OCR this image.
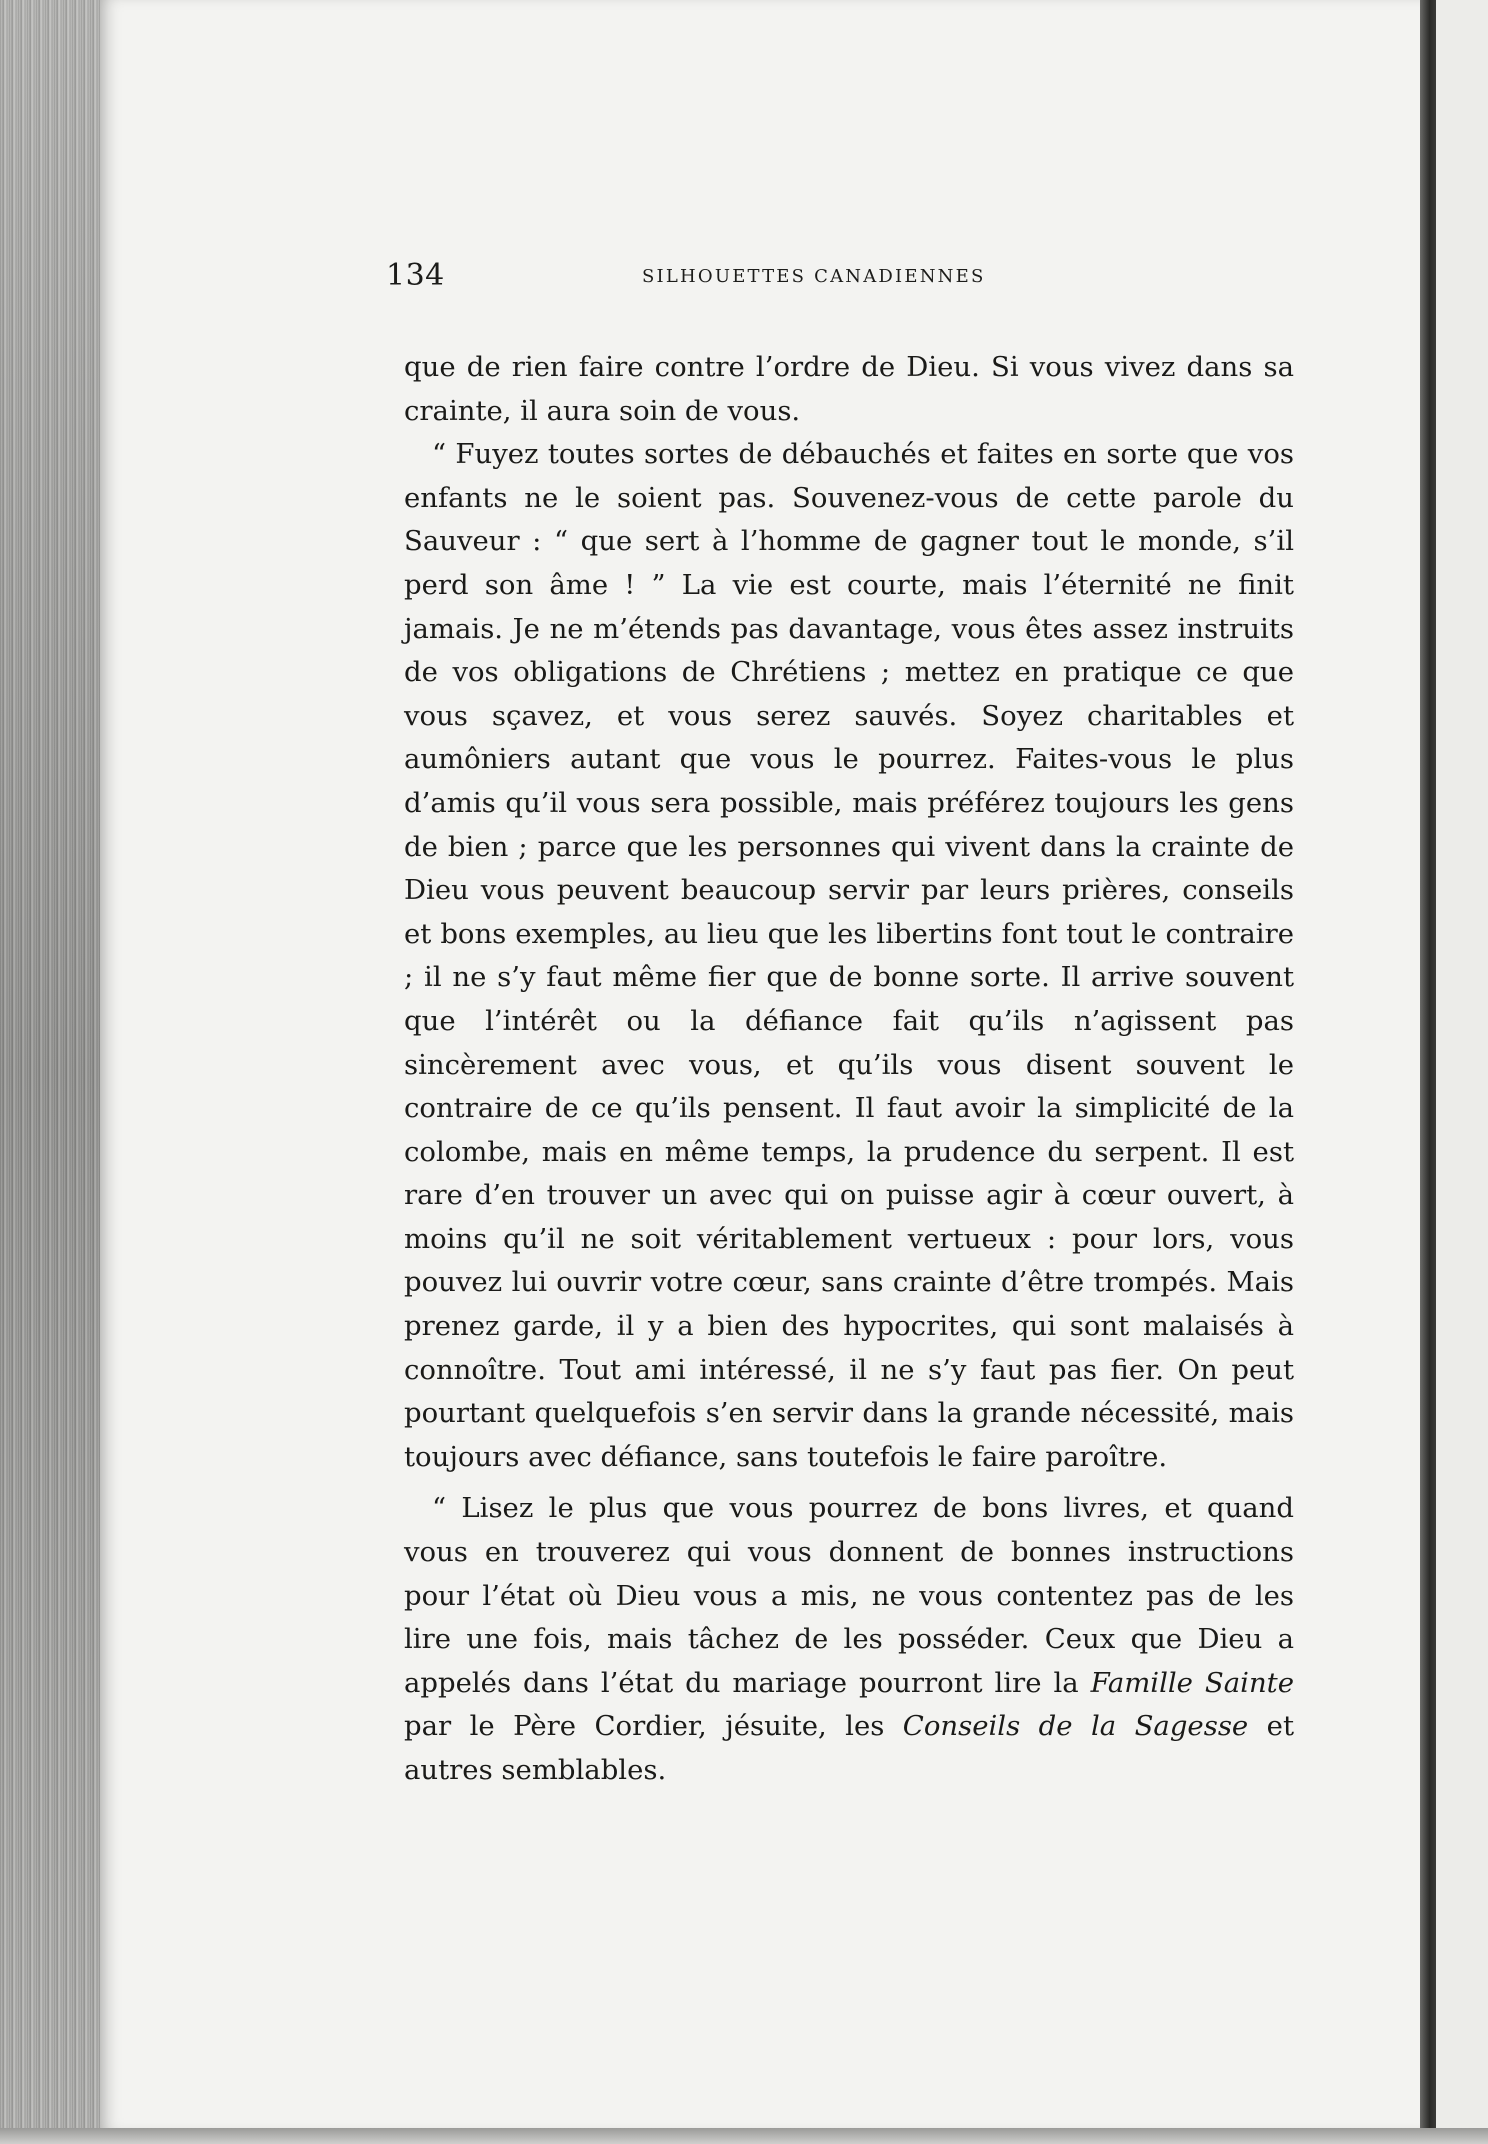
134	SILHOUETTES CANADIENNES

que de rien faire contre l’ordre de Dieu. Si vous vivez dans sa crainte, il aura soin de vous.

“ Fuyez toutes sortes de débauchés et faites en sorte que vos enfants ne le soient pas. Souvenez-vous de cette parole du Sauveur : “ que sert à l’homme de gagner tout le monde, s’il perd son âme ! ” La vie est courte, mais l’éternité ne finit jamais. Je ne m’étends pas davantage, vous êtes assez instruits de vos obligations de Chrétiens ; mettez en pratique ce que vous sçavez, et vous serez sauvés. Soyez charitables et aumôniers autant que vous le pourrez. Faites-vous le plus d’amis qu’il vous sera possible, mais préférez toujours les gens de bien ; parce que les personnes qui vivent dans la crainte de Dieu vous peuvent beaucoup servir par leurs prières, conseils et bons exemples, au lieu que les libertins font tout le contraire ; il ne s’y faut même fier que de bonne sorte. Il arrive souvent que l’intérêt ou la défiance fait qu’ils n’agissent pas sincèrement avec vous, et qu’ils vous disent souvent le contraire de ce qu’ils pensent. Il faut avoir la simplicité de la colombe, mais en même temps, la prudence du serpent. Il est rare d’en trouver un avec qui on puisse agir à cœur ouvert, à moins qu’il ne soit véritablement vertueux : pour lors, vous pouvez lui ouvrir votre cœur, sans crainte d’être trompés. Mais prenez garde, il y a bien des hypocrites, qui sont malaisés à connoître. Tout ami intéressé, il ne s’y faut pas fier. On peut pourtant quelquefois s’en servir dans la grande nécessité, mais toujours avec défiance, sans toutefois le faire paroître.

“ Lisez le plus que vous pourrez de bons livres, et quand vous en trouverez qui vous donnent de bonnes instructions pour l’état où Dieu vous a mis, ne vous contentez pas de les lire une fois, mais tâchez de les posséder. Ceux que Dieu a appelés dans l’état du mariage pourront lire la Famille Sainte par le Père Cordier, jésuite, les Conseils de la Sagesse et autres semblables.
